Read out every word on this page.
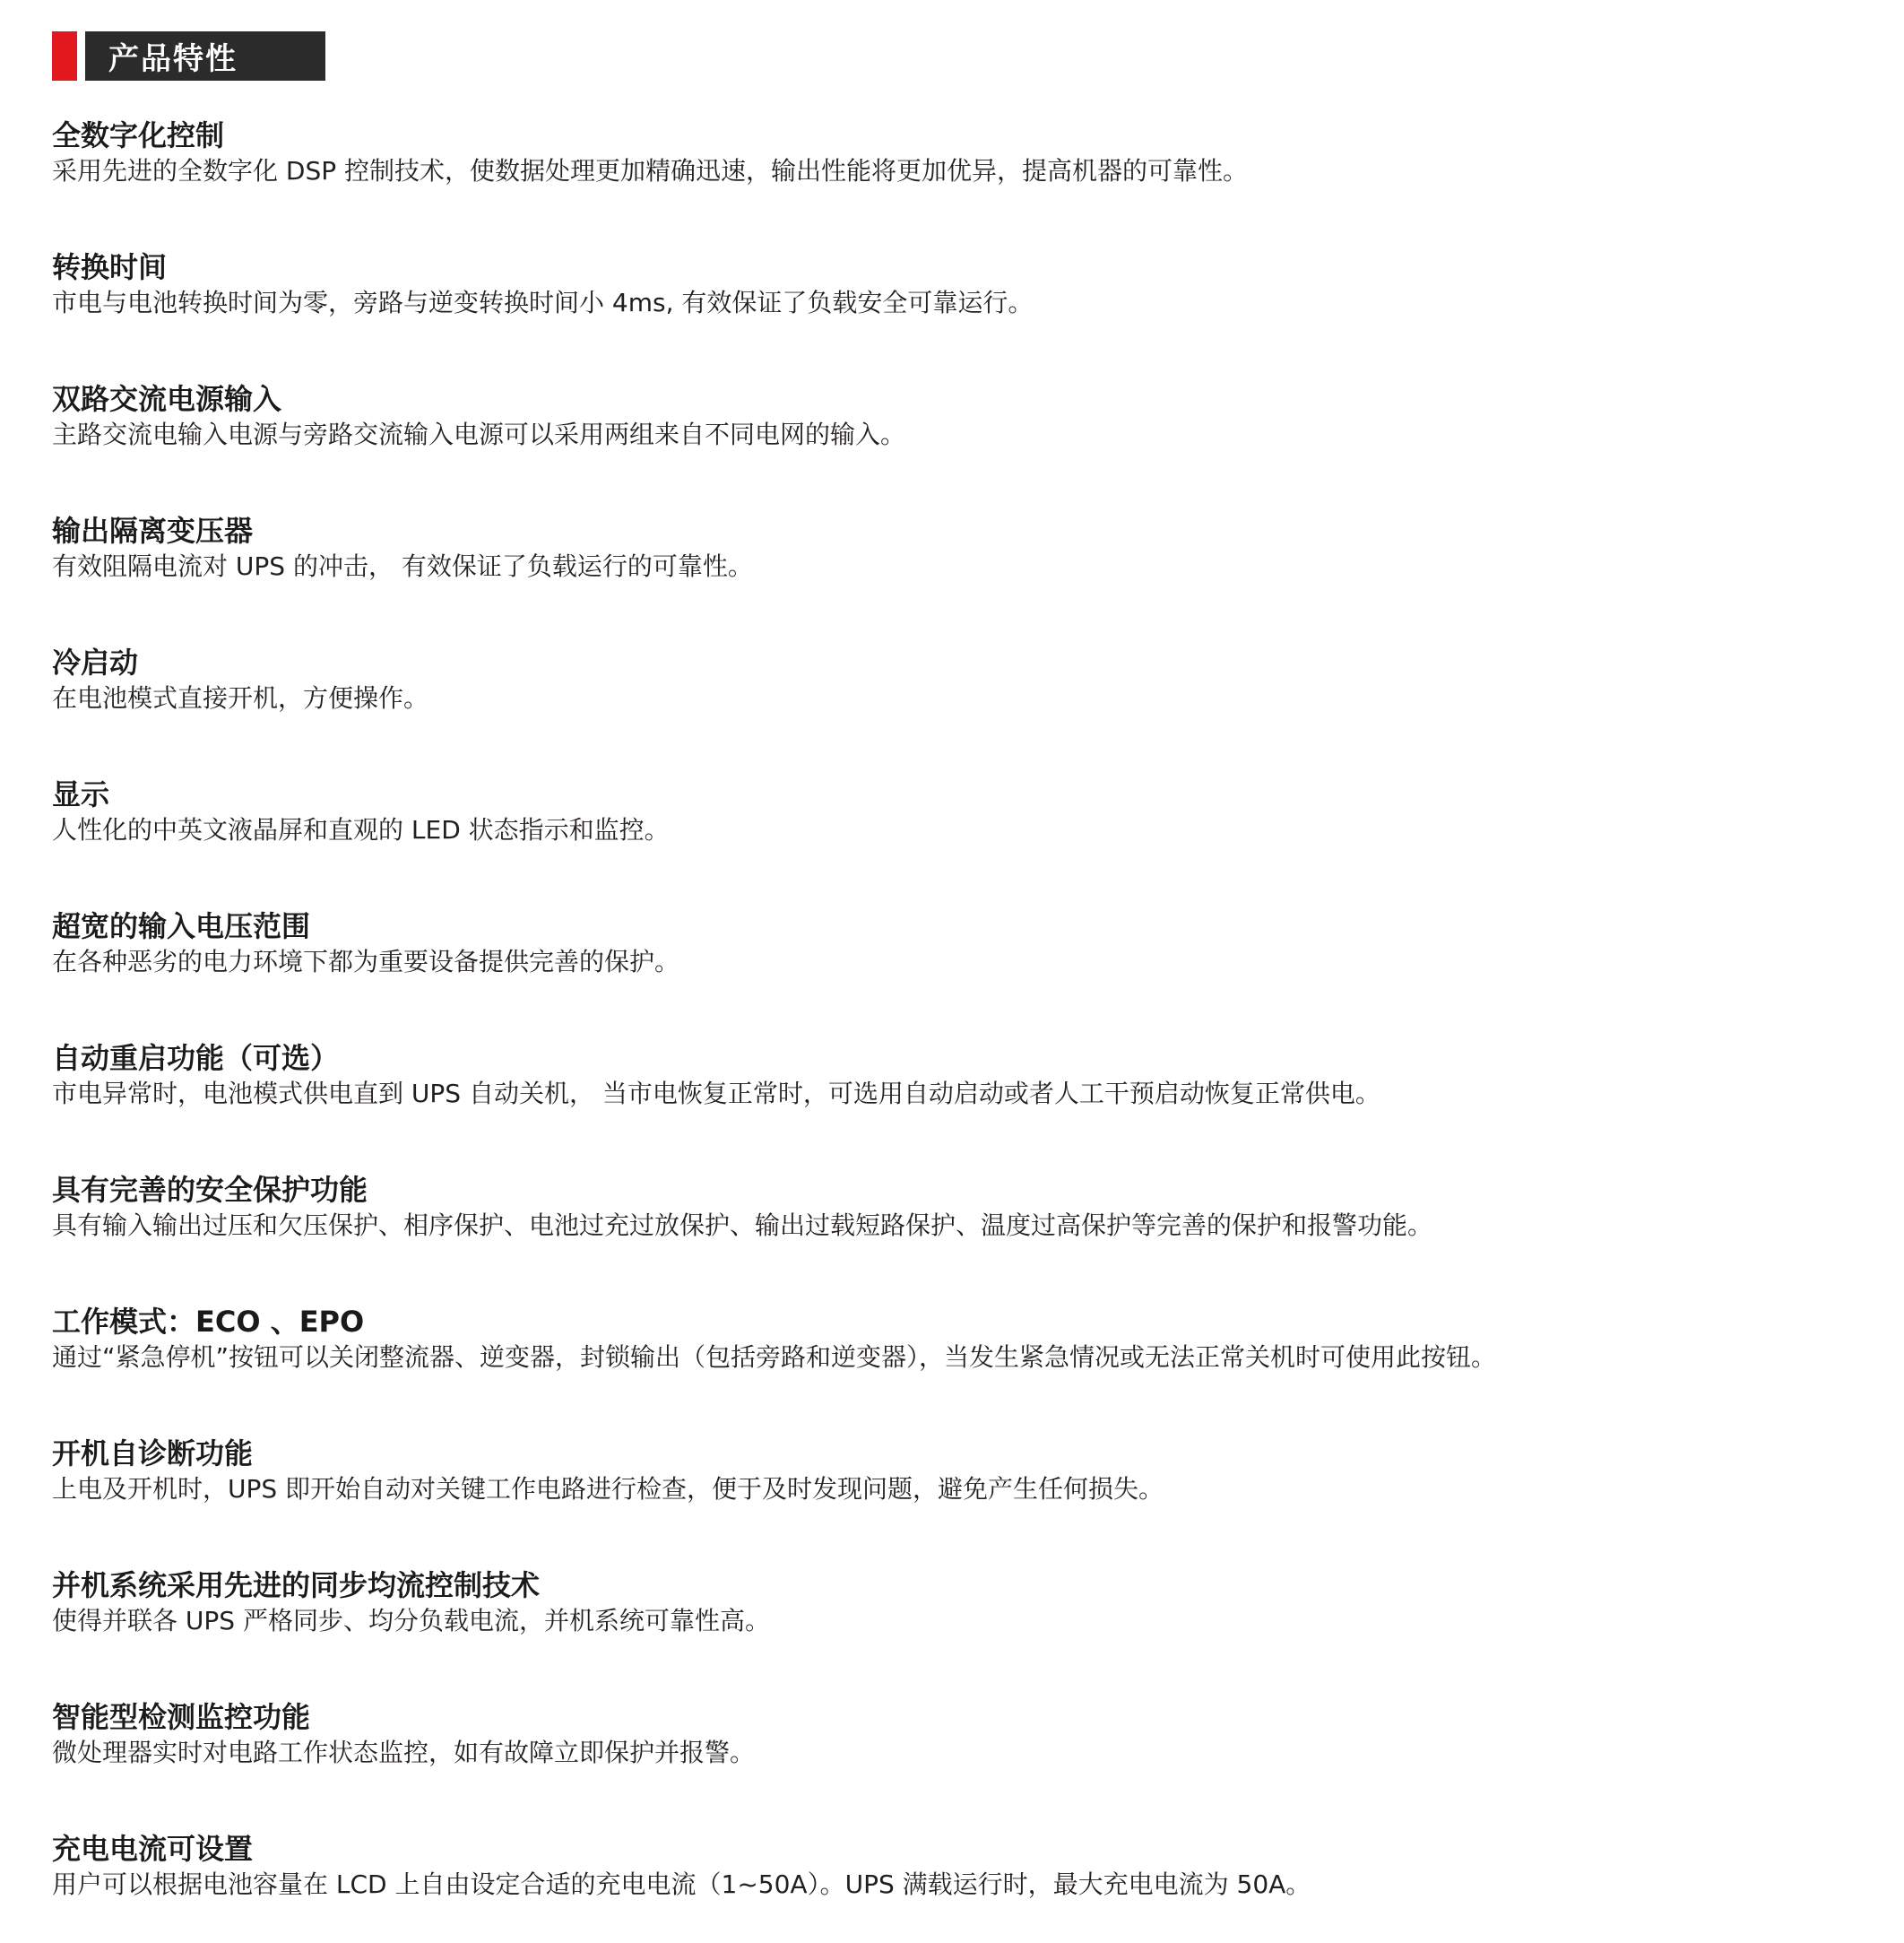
产品特性
全数字化控制
采用先进的全数字化 DSP 控制技术，使数据处理更加精确迅速，输出性能将更加优异，提高机器的可靠性。
转换时间
市电与电池转换时间为零，旁路与逆变转换时间小 4ms, 有效保证了负载安全可靠运行。
双路交流电源输入
主路交流电输入电源与旁路交流输入电源可以采用两组来自不同电网的输入。
输出隔离变压器
有效阻隔电流对 UPS 的冲击， 有效保证了负载运行的可靠性。
冷启动
在电池模式直接开机，方便操作。
显示
人性化的中英文液晶屏和直观的 LED 状态指示和监控。
超宽的输入电压范围
在各种恶劣的电力环境下都为重要设备提供完善的保护。
自动重启功能（可选）
市电异常时，电池模式供电直到 UPS 自动关机， 当市电恢复正常时，可选用自动启动或者人工干预启动恢复正常供电。
具有完善的安全保护功能
具有输入输出过压和欠压保护、相序保护、电池过充过放保护、输出过载短路保护、温度过高保护等完善的保护和报警功能。
工作模式：ECO 、EPO
通过“紧急停机”按钮可以关闭整流器、逆变器，封锁输出（包括旁路和逆变器），当发生紧急情况或无法正常关机时可使用此按钮。
开机自诊断功能
上电及开机时，UPS 即开始自动对关键工作电路进行检查，便于及时发现问题，避免产生任何损失。
并机系统采用先进的同步均流控制技术
使得并联各 UPS 严格同步、均分负载电流，并机系统可靠性高。
智能型检测监控功能
微处理器实时对电路工作状态监控，如有故障立即保护并报警。
充电电流可设置
用户可以根据电池容量在 LCD 上自由设定合适的充电电流（1~50A）。UPS 满载运行时，最大充电电流为 50A。
